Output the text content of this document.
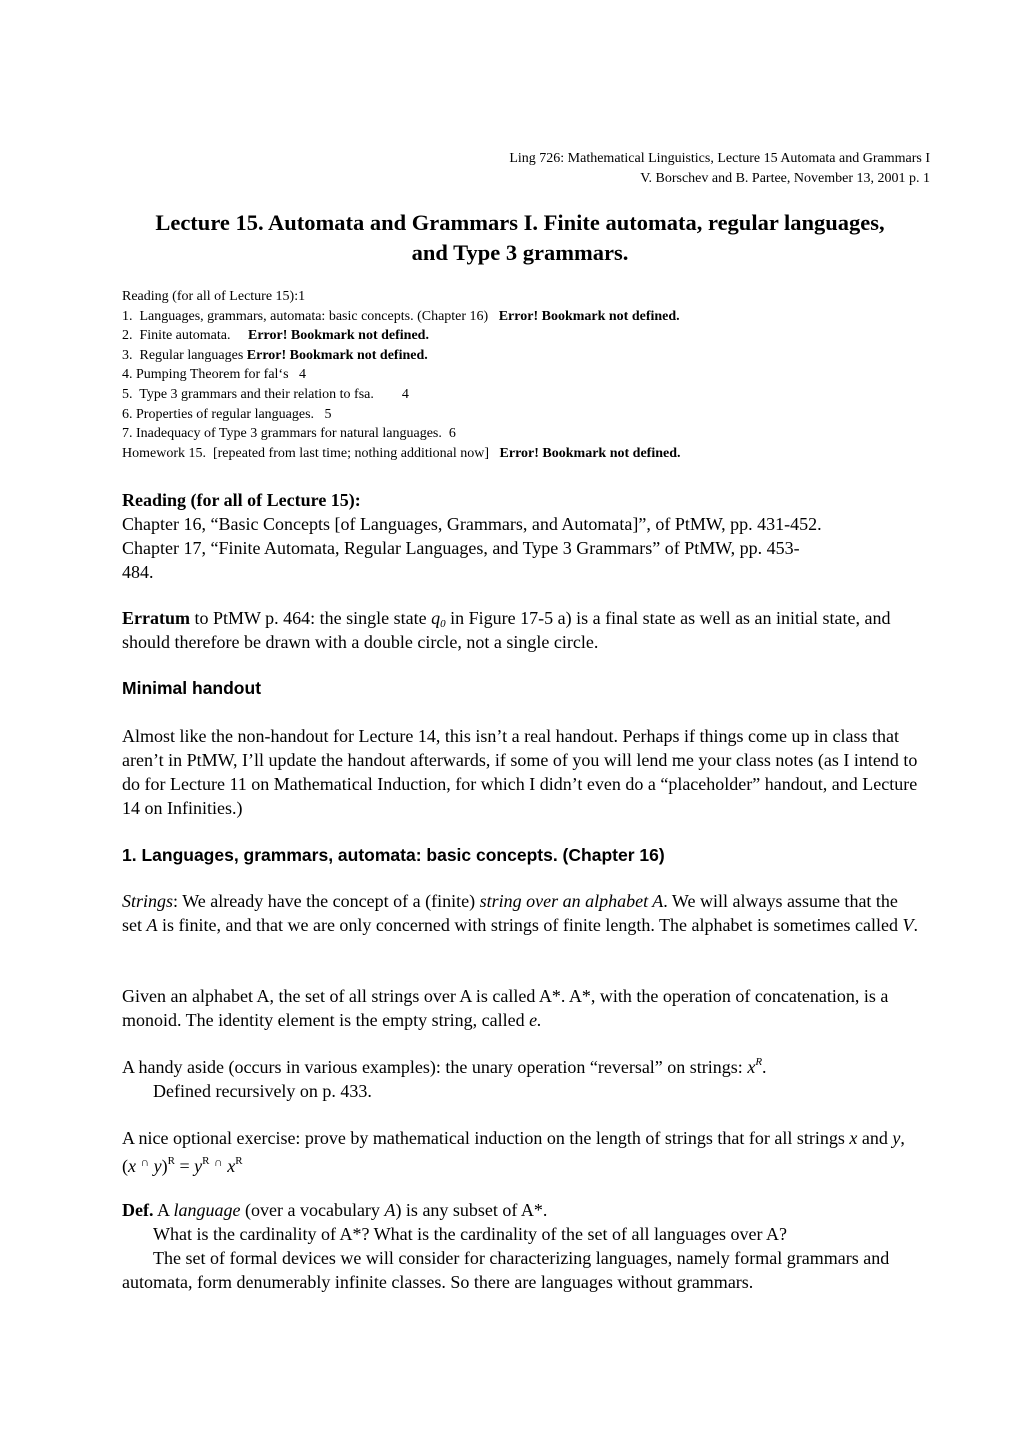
Ling 726: Mathematical Linguistics, Lecture 15 Automata and Grammars I
V. Borschev and B. Partee, November 13, 2001 p. 1
Lecture 15. Automata and Grammars I. Finite automata, regular languages,
and Type 3 grammars.
Reading (for all of Lecture 15):1
1.  Languages, grammars, automata: basic concepts. (Chapter 16)   Error! Bookmark not defined.
2.  Finite automata.     Error! Bookmark not defined.
3.  Regular languages Error! Bookmark not defined.
4. Pumping Theorem for fal‘s   4
5.  Type 3 grammars and their relation to fsa.        4
6. Properties of regular languages.   5
7. Inadequacy of Type 3 grammars for natural languages.  6
Homework 15.  [repeated from last time; nothing additional now]   Error! Bookmark not defined.
Reading (for all of Lecture 15):
Chapter 16, “Basic Concepts [of Languages, Grammars, and Automata]”, of PtMW, pp. 431-452.
Chapter 17, “Finite Automata, Regular Languages, and Type 3 Grammars” of PtMW, pp. 453-
484.
Erratum to PtMW p. 464: the single state $q_0$ in Figure 17-5 a) is a final state as well as an initial state, and should therefore be drawn with a double circle, not a single circle.
Minimal handout
Almost like the non-handout for Lecture 14, this isn’t a real handout. Perhaps if things come up in class that aren’t in PtMW, I’ll update the handout afterwards, if some of you will lend me your class notes (as I intend to do for Lecture 11 on Mathematical Induction, for which I didn’t even do a “placeholder” handout, and Lecture 14 on Infinities.)
1. Languages, grammars, automata: basic concepts. (Chapter 16)
Strings: We already have the concept of a (finite) string over an alphabet A. We will always assume that the set A is finite, and that we are only concerned with strings of finite length. The alphabet is sometimes called V.
Given an alphabet A, the set of all strings over A is called A*. A*, with the operation of concatenation, is a monoid. The identity element is the empty string, called e.
A handy aside (occurs in various examples): the unary operation “reversal” on strings: $x^R$.
Defined recursively on p. 433.
A nice optional exercise: prove by mathematical induction on the length of strings that for all strings x and y, (x ∩ $y)^R = y^R$ ∩ $x^R$
Def. A language (over a vocabulary A) is any subset of A*.
What is the cardinality of A*? What is the cardinality of the set of all languages over A?
The set of formal devices we will consider for characterizing languages, namely formal grammars and automata, form denumerably infinite classes. So there are languages without grammars.
